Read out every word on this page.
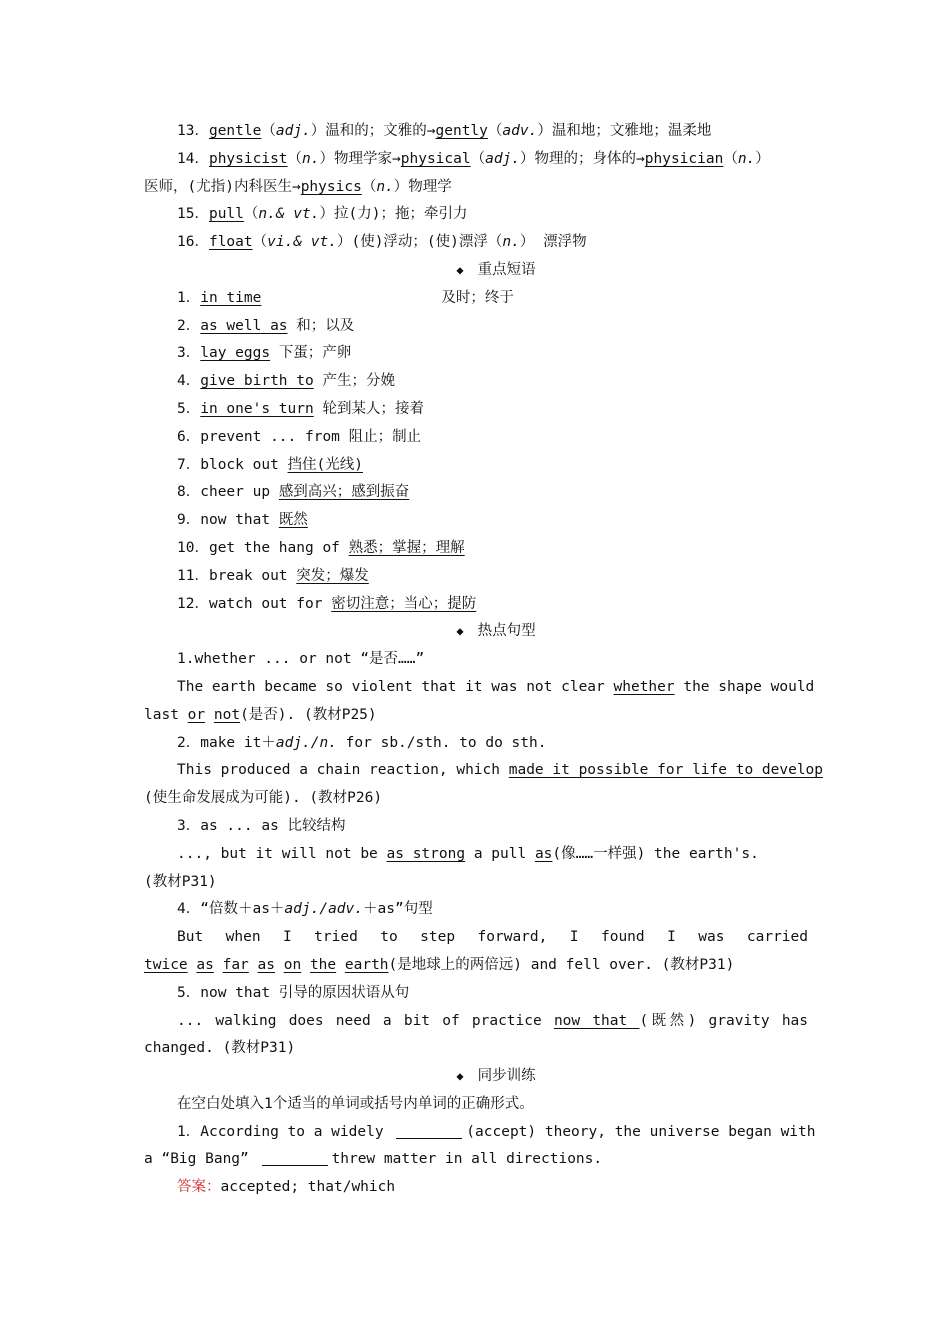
13．gentle（adj.）温和的；文雅的→gently（adv.）温和地；文雅地；温柔地
14．physicist（n.）物理学家→physical（adj.）物理的；身体的→physician（n.）
医师，(尤指)内科医生→physics（n.）物理学
15．pull（n.& vt.）拉(力)；拖；牵引力
16．float（vi.& vt.）(使)浮动；(使)漂浮（n.） 漂浮物
◆ 重点短语
1．in time	及时；终于
2．as well as 和；以及
3．lay eggs 下蛋；产卵
4．give birth to 产生；分娩
5．in one's turn 轮到某人；接着
6．prevent ... from 阻止；制止
7．block out 挡住(光线)
8．cheer up 感到高兴；感到振奋
9．now that 既然
10．get the hang of 熟悉；掌握；理解
11．break out 突发；爆发
12．watch out for 密切注意；当心；提防
◆ 热点句型
1.whether ... or not “是否……”
The earth became so violent that it was not clear whether the shape would
last or not(是否). (教材P25)
2．make it＋adj./n. for sb./sth. to do sth.
This produced a chain reaction, which made it possible for life to develop
(使生命发展成为可能). (教材P26)
3．as ... as 比较结构
..., but it will not be as strong a pull as(像……一样强) the earth's.
(教材P31)
4．“倍数＋as＋adj./adv.＋as”句型
But when I tried to step forward, I found I was carried
twice as far as on the earth(是地球上的两倍远) and fell over. (教材P31)
5．now that 引导的原因状语从句
... walking does need a bit of practice now that (既然) gravity has
changed. (教材P31)
◆ 同步训练
在空白处填入1个适当的单词或括号内单词的正确形式。
1．According to a widely	(accept) theory, the universe began with
a “Big Bang”	threw matter in all directions.
答案：accepted; that/which
